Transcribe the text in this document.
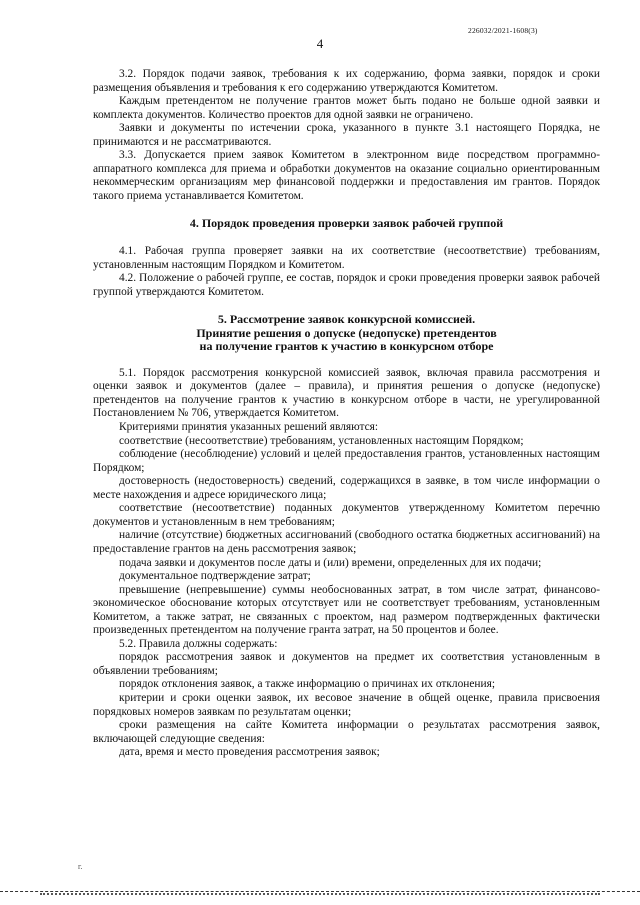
226032/2021-1608(3)
4

3.2. Порядок подачи заявок, требования к их содержанию, форма заявки, порядок и сроки размещения объявления и требования к его содержанию утверждаются Комитетом.

Каждым претендентом не получение грантов может быть подано не больше одной заявки и комплекта документов. Количество проектов для одной заявки не ограничено.

Заявки и документы по истечении срока, указанного в пункте 3.1 настоящего Порядка, не принимаются и не рассматриваются.

3.3. Допускается прием заявок Комитетом в электронном виде посредством программно-аппаратного комплекса для приема и обработки документов на оказание социально ориентированным некоммерческим организациям мер финансовой поддержки и предоставления им грантов. Порядок такого приема устанавливается Комитетом.

4. Порядок проведения проверки заявок рабочей группой

4.1. Рабочая группа проверяет заявки на их соответствие (несоответствие) требованиям, установленным настоящим Порядком и Комитетом.

4.2. Положение о рабочей группе, ее состав, порядок и сроки проведения проверки заявок рабочей группой утверждаются Комитетом.

5. Рассмотрение заявок конкурсной комиссией.
Принятие решения о допуске (недопуске) претендентов
на получение грантов к участию в конкурсном отборе

5.1. Порядок рассмотрения конкурсной комиссией заявок, включая правила рассмотрения и оценки заявок и документов (далее – правила), и принятия решения о допуске (недопуске) претендентов на получение грантов к участию в конкурсном отборе в части, не урегулированной Постановлением № 706, утверждается Комитетом.

Критериями принятия указанных решений являются:

соответствие (несоответствие) требованиям, установленных настоящим Порядком;

соблюдение (несоблюдение) условий и целей предоставления грантов, установленных настоящим Порядком;

достоверность (недостоверность) сведений, содержащихся в заявке, в том числе информации о месте нахождения и адресе юридического лица;

соответствие (несоответствие) поданных документов утвержденному Комитетом перечню документов и установленным в нем требованиям;

наличие (отсутствие) бюджетных ассигнований (свободного остатка бюджетных ассигнований) на предоставление грантов на день рассмотрения заявок;

подача заявки и документов после даты и (или) времени, определенных для их подачи;

документальное подтверждение затрат;

превышение (непревышение) суммы необоснованных затрат, в том числе затрат, финансово-экономическое обоснование которых отсутствует или не соответствует требованиям, установленным Комитетом, а также затрат, не связанных с проектом, над размером подтвержденных фактически произведенных претендентом на получение гранта затрат, на 50 процентов и более.

5.2. Правила должны содержать:

порядок рассмотрения заявок и документов на предмет их соответствия установленным в объявлении требованиям;

порядок отклонения заявок, а также информацию о причинах их отклонения;

критерии и сроки оценки заявок, их весовое значение в общей оценке, правила присвоения порядковых номеров заявкам по результатам оценки;

сроки размещения на сайте Комитета информации о результатах рассмотрения заявок, включающей следующие сведения:

дата, время и место проведения рассмотрения заявок;

г.
